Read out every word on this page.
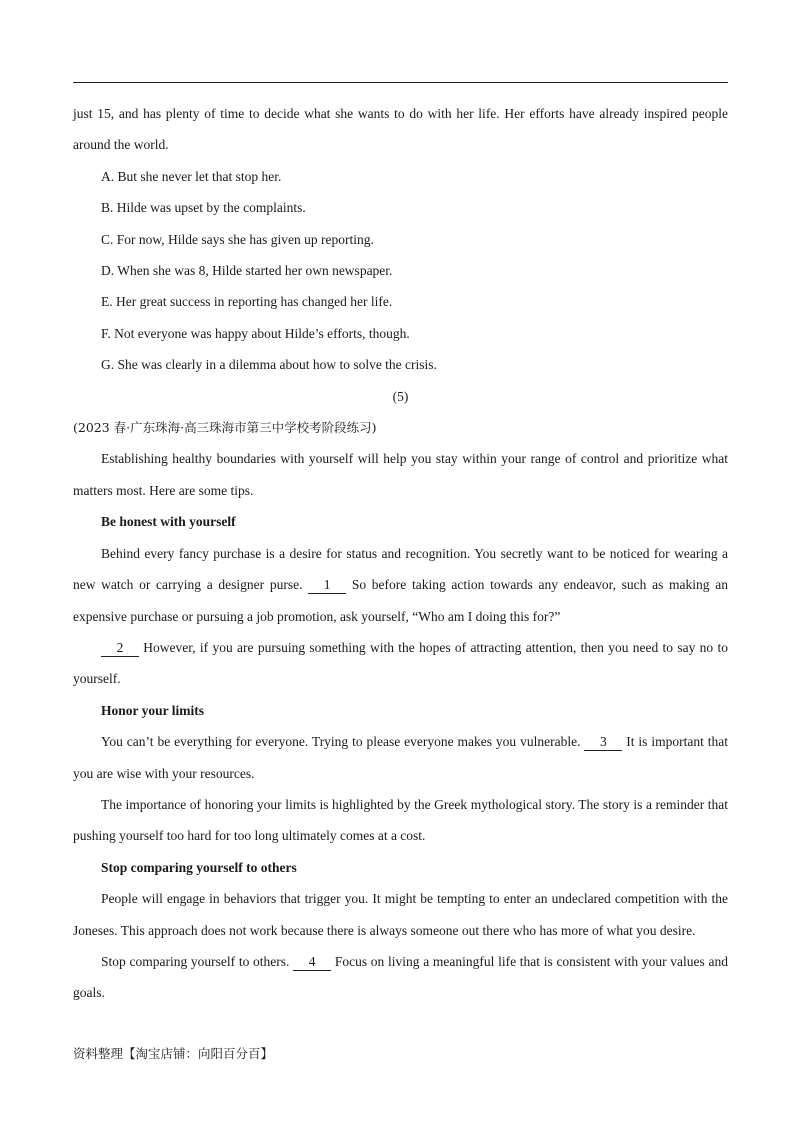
just 15, and has plenty of time to decide what she wants to do with her life. Her efforts have already inspired people around the world.

A. But she never let that stop her.

B. Hilde was upset by the complaints.

C. For now, Hilde says she has given up reporting.

D. When she was 8, Hilde started her own newspaper.

E. Her great success in reporting has changed her life.

F. Not everyone was happy about Hilde’s efforts, though.

G. She was clearly in a dilemma about how to solve the crisis.

(5)

(2023 春·广东珠海·高三珠海市第三中学校考阶段练习)

Establishing healthy boundaries with yourself will help you stay within your range of control and prioritize what matters most. Here are some tips.

Be honest with yourself

Behind every fancy purchase is a desire for status and recognition. You secretly want to be noticed for wearing a new watch or carrying a designer purse. 1 So before taking action towards any endeavor, such as making an expensive purchase or pursuing a job promotion, ask yourself, “Who am I doing this for?”

2 However, if you are pursuing something with the hopes of attracting attention, then you need to say no to yourself.

Honor your limits

You can’t be everything for everyone. Trying to please everyone makes you vulnerable. 3 It is important that you are wise with your resources.

The importance of honoring your limits is highlighted by the Greek mythological story. The story is a reminder that pushing yourself too hard for too long ultimately comes at a cost.

Stop comparing yourself to others

People will engage in behaviors that trigger you. It might be tempting to enter an undeclared competition with the Joneses. This approach does not work because there is always someone out there who has more of what you desire.

Stop comparing yourself to others. 4 Focus on living a meaningful life that is consistent with your values and goals.

资料整理【淘宝店铺：向阳百分百】
